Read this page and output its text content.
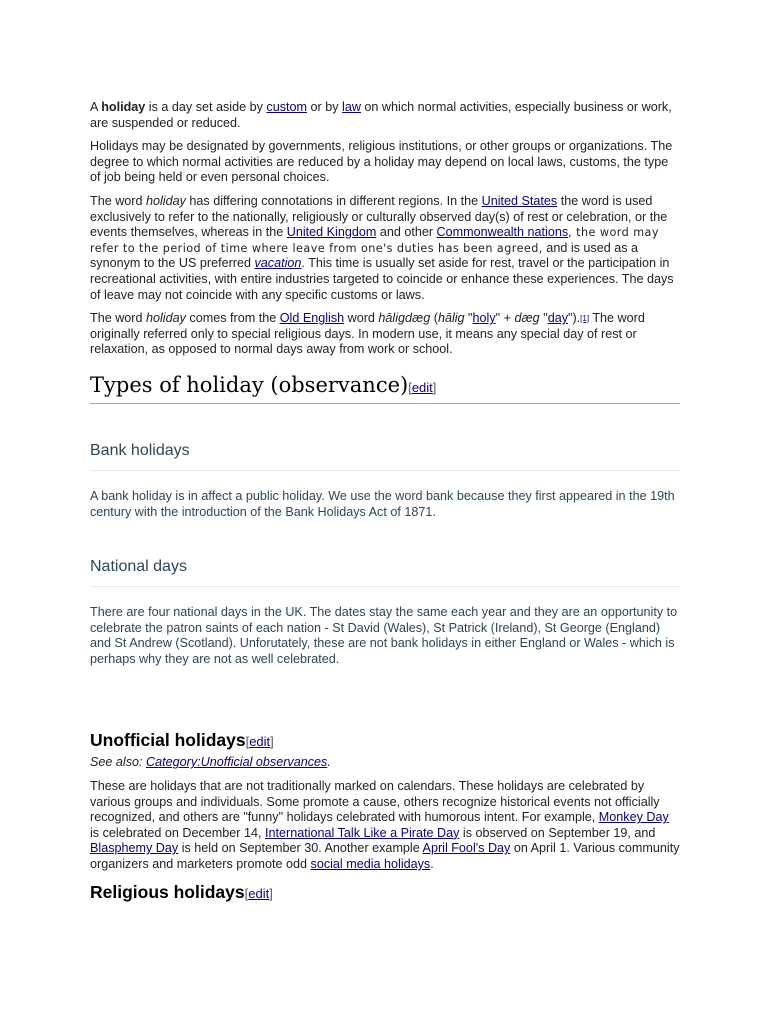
A holiday is a day set aside by custom or by law on which normal activities, especially business or work, are suspended or reduced.

Holidays may be designated by governments, religious institutions, or other groups or organizations. The degree to which normal activities are reduced by a holiday may depend on local laws, customs, the type of job being held or even personal choices.

The word holiday has differing connotations in different regions. In the United States the word is used exclusively to refer to the nationally, religiously or culturally observed day(s) of rest or celebration, or the events themselves, whereas in the United Kingdom and other Commonwealth nations, the word may refer to the period of time where leave from one's duties has been agreed, and is used as a synonym to the US preferred vacation. This time is usually set aside for rest, travel or the participation in recreational activities, with entire industries targeted to coincide or enhance these experiences. The days of leave may not coincide with any specific customs or laws.

The word holiday comes from the Old English word hāligdæg (hālig "holy" + dæg "day").[1] The word originally referred only to special religious days. In modern use, it means any special day of rest or relaxation, as opposed to normal days away from work or school.

Types of holiday (observance)[edit]
Bank holidays

A bank holiday is in affect a public holiday. We use the word bank because they first appeared in the 19th century with the introduction of the Bank Holidays Act of 1871.

National days

There are four national days in the UK. The dates stay the same each year and they are an opportunity to celebrate the patron saints of each nation - St David (Wales), St Patrick (Ireland), St George (England) and St Andrew (Scotland). Unforutately, these are not bank holidays in either England or Wales - which is perhaps why they are not as well celebrated.

Unofficial holidays[edit]

See also: Category:Unofficial observances.

These are holidays that are not traditionally marked on calendars. These holidays are celebrated by various groups and individuals. Some promote a cause, others recognize historical events not officially recognized, and others are "funny" holidays celebrated with humorous intent. For example, Monkey Day is celebrated on December 14, International Talk Like a Pirate Day is observed on September 19, and Blasphemy Day is held on September 30. Another example April Fool's Day on April 1. Various community organizers and marketers promote odd social media holidays.

Religious holidays[edit]
